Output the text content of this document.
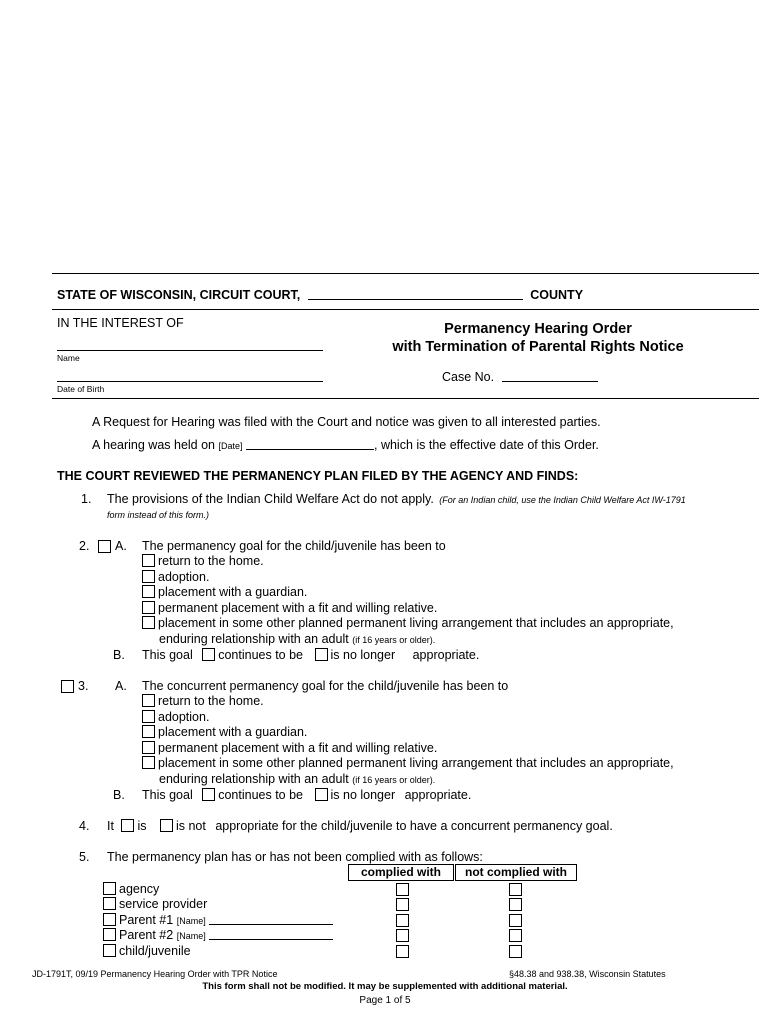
STATE OF WISCONSIN, CIRCUIT COURT,	COUNTY
IN THE INTEREST OF
Name
Date of Birth
Permanency Hearing Order
with Termination of Parental Rights Notice
Case No.
A Request for Hearing was filed with the Court and notice was given to all interested parties.
A hearing was held on [Date]	, which is the effective date of this Order.
THE COURT REVIEWED THE PERMANENCY PLAN FILED BY THE AGENCY AND FINDS:
1. The provisions of the Indian Child Welfare Act do not apply. (For an Indian child, use the Indian Child Welfare Act IW-1791
form instead of this form.)
2. A. The permanency goal for the child/juvenile has been to
return to the home.
adoption.
placement with a guardian.
permanent placement with a fit and willing relative.
placement in some other planned permanent living arrangement that includes an appropriate,
enduring relationship with an adult (if 16 years or older).
B. This goal continues to be is no longer appropriate.
3. A. The concurrent permanency goal for the child/juvenile has been to
return to the home.
adoption.
placement with a guardian.
permanent placement with a fit and willing relative.
placement in some other planned permanent living arrangement that includes an appropriate,
enduring relationship with an adult (if 16 years or older).
B. This goal continues to be is no longer appropriate.
4. It is is not appropriate for the child/juvenile to have a concurrent permanency goal.
5. The permanency plan has or has not been complied with as follows:
complied with	not complied with
agency
service provider
Parent #1 [Name]
Parent #2 [Name]
child/juvenile
JD-1791T, 09/19 Permanency Hearing Order with TPR Notice	§48.38 and 938.38, Wisconsin Statutes
This form shall not be modified. It may be supplemented with additional material.
Page 1 of 5
